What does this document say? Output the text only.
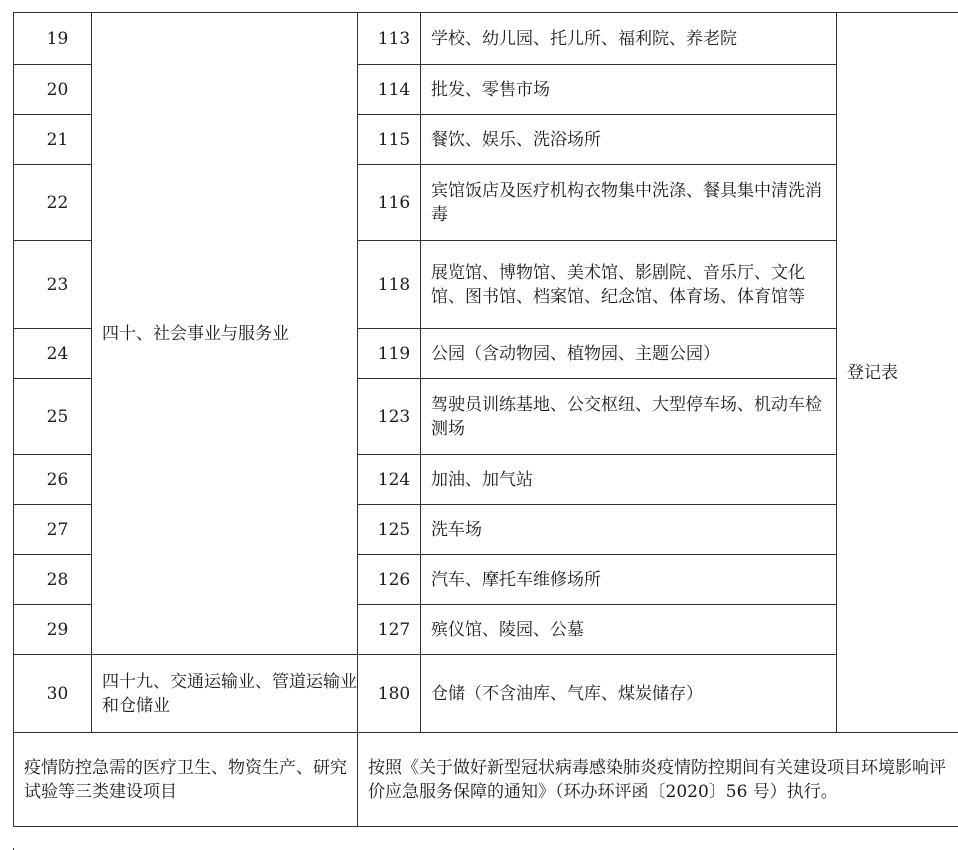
19	四十、社会事业与服务业	113	学校、幼儿园、托儿所、福利院、养老院	登记表
20		114	批发、零售市场	
21		115	餐饮、娱乐、洗浴场所	
22		116	宾馆饭店及医疗机构衣物集中洗涤、餐具集中清洗消毒	
23		118	展览馆、博物馆、美术馆、影剧院、音乐厅、文化馆、图书馆、档案馆、纪念馆、体育场、体育馆等	
24		119	公园（含动物园、植物园、主题公园）	
25		123	驾驶员训练基地、公交枢纽、大型停车场、机动车检测场	
26		124	加油、加气站	
27		125	洗车场	
28		126	汽车、摩托车维修场所	
29		127	殡仪馆、陵园、公墓	
30	四十九、交通运输业、管道运输业和仓储业	180	仓储（不含油库、气库、煤炭储存）	
疫情防控急需的医疗卫生、物资生产、研究试验等三类建设项目		按照《关于做好新型冠状病毒感染肺炎疫情防控期间有关建设项目环境影响评价应急服务保障的通知》（环办环评函〔2020〕56 号）执行。		
